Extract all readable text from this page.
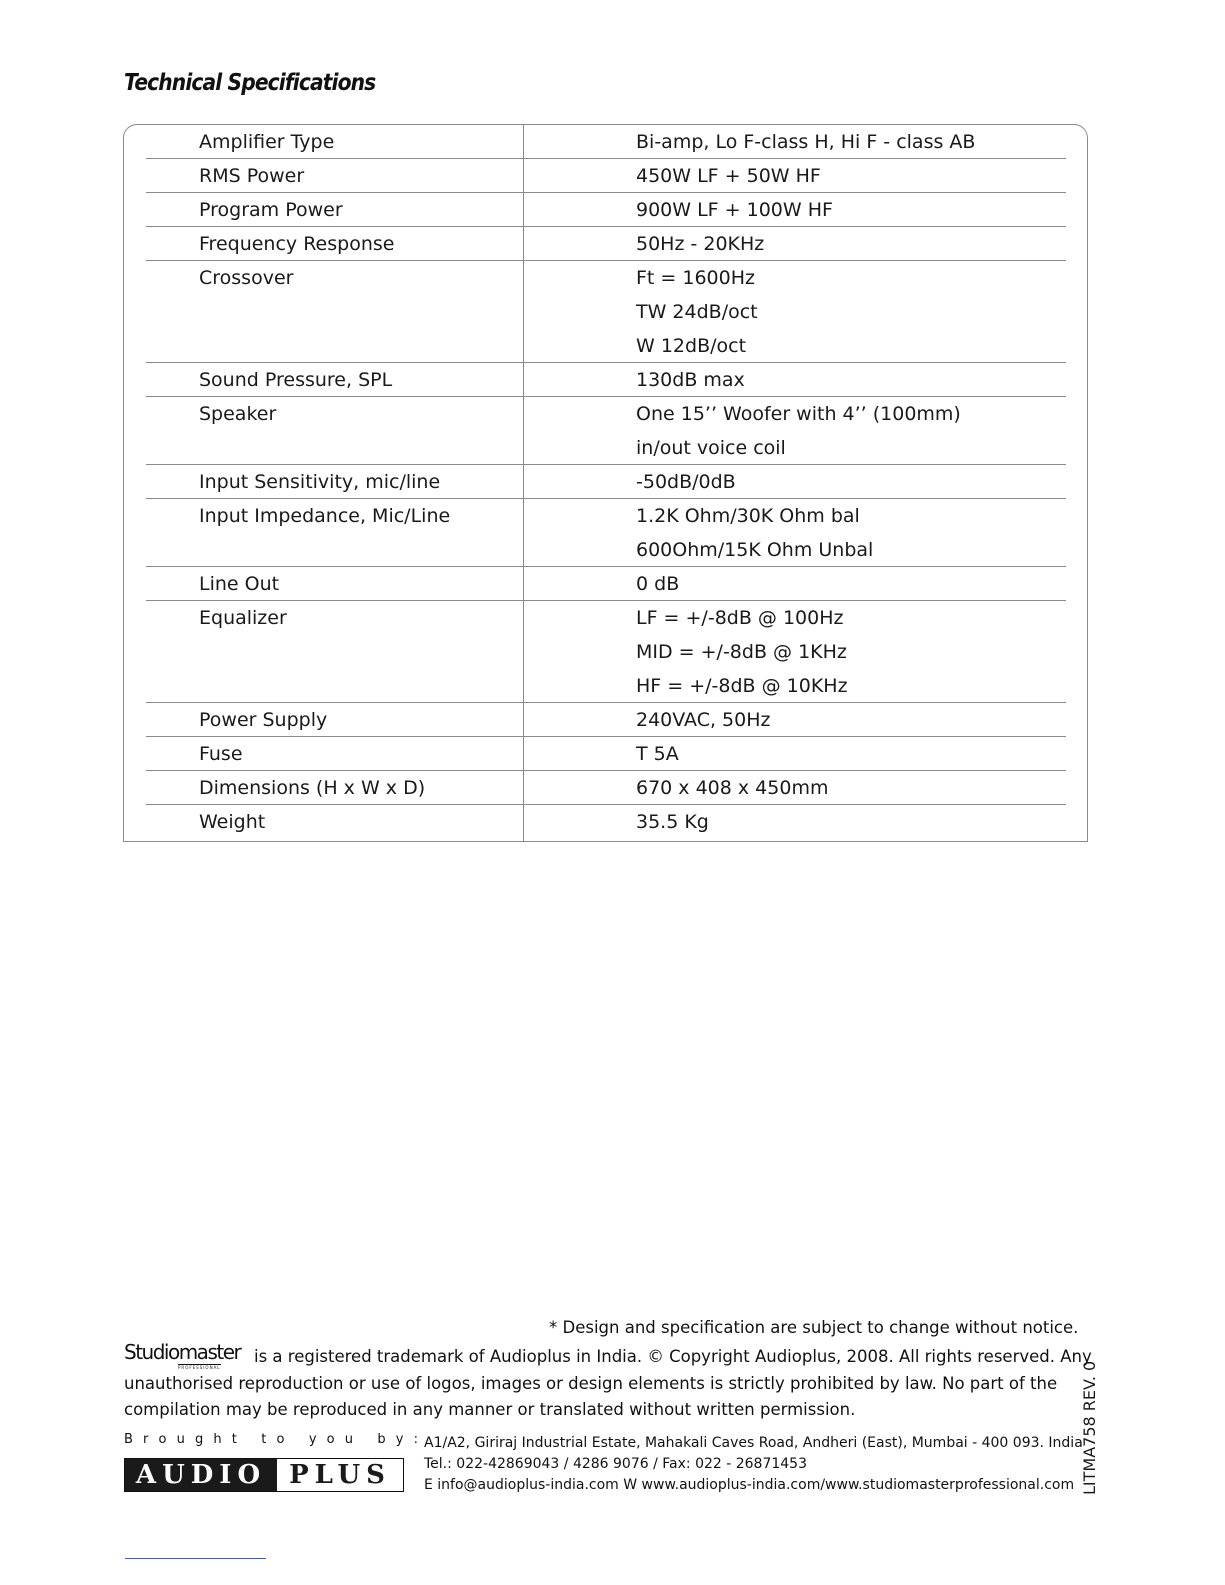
Technical Specifications
Amplifier Type	Bi-amp, Lo F-class H, Hi F - class AB
RMS Power	450W LF + 50W HF
Program Power	900W LF + 100W HF
Frequency Response	50Hz - 20KHz
Crossover	Ft = 1600Hz
TW 24dB/oct
W 12dB/oct
Sound Pressure, SPL	130dB max
Speaker	One 15’’ Woofer with 4’’ (100mm)
in/out voice coil
Input Sensitivity, mic/line	-50dB/0dB
Input Impedance, Mic/Line	1.2K Ohm/30K Ohm bal
600Ohm/15K Ohm Unbal
Line Out	0 dB
Equalizer	LF = +/-8dB @ 100Hz
MID = +/-8dB @ 1KHz
HF = +/-8dB @ 10KHz
Power Supply	240VAC, 50Hz
Fuse	T 5A
Dimensions (H x W x D)	670 x 408 x 450mm
Weight	35.5 Kg
* Design and specification are subject to change without notice.
Studiomaster
PROFESSIONAL
is a registered trademark of Audioplus in India. © Copyright Audioplus, 2008. All rights reserved. Any
unauthorised reproduction or use of logos, images or design elements is strictly prohibited by law. No part of the
compilation may be reproduced in any manner or translated without written permission.
B r o u g h t   t o   y o u   b y :
AUDIO PLUS
A1/A2, Giriraj Industrial Estate, Mahakali Caves Road, Andheri (East), Mumbai - 400 093. India
Tel.: 022-42869043 / 4286 9076 / Fax: 022 - 26871453
E info@audioplus-india.com W www.audioplus-india.com/www.studiomasterprofessional.com LITMA758 REV. 0
